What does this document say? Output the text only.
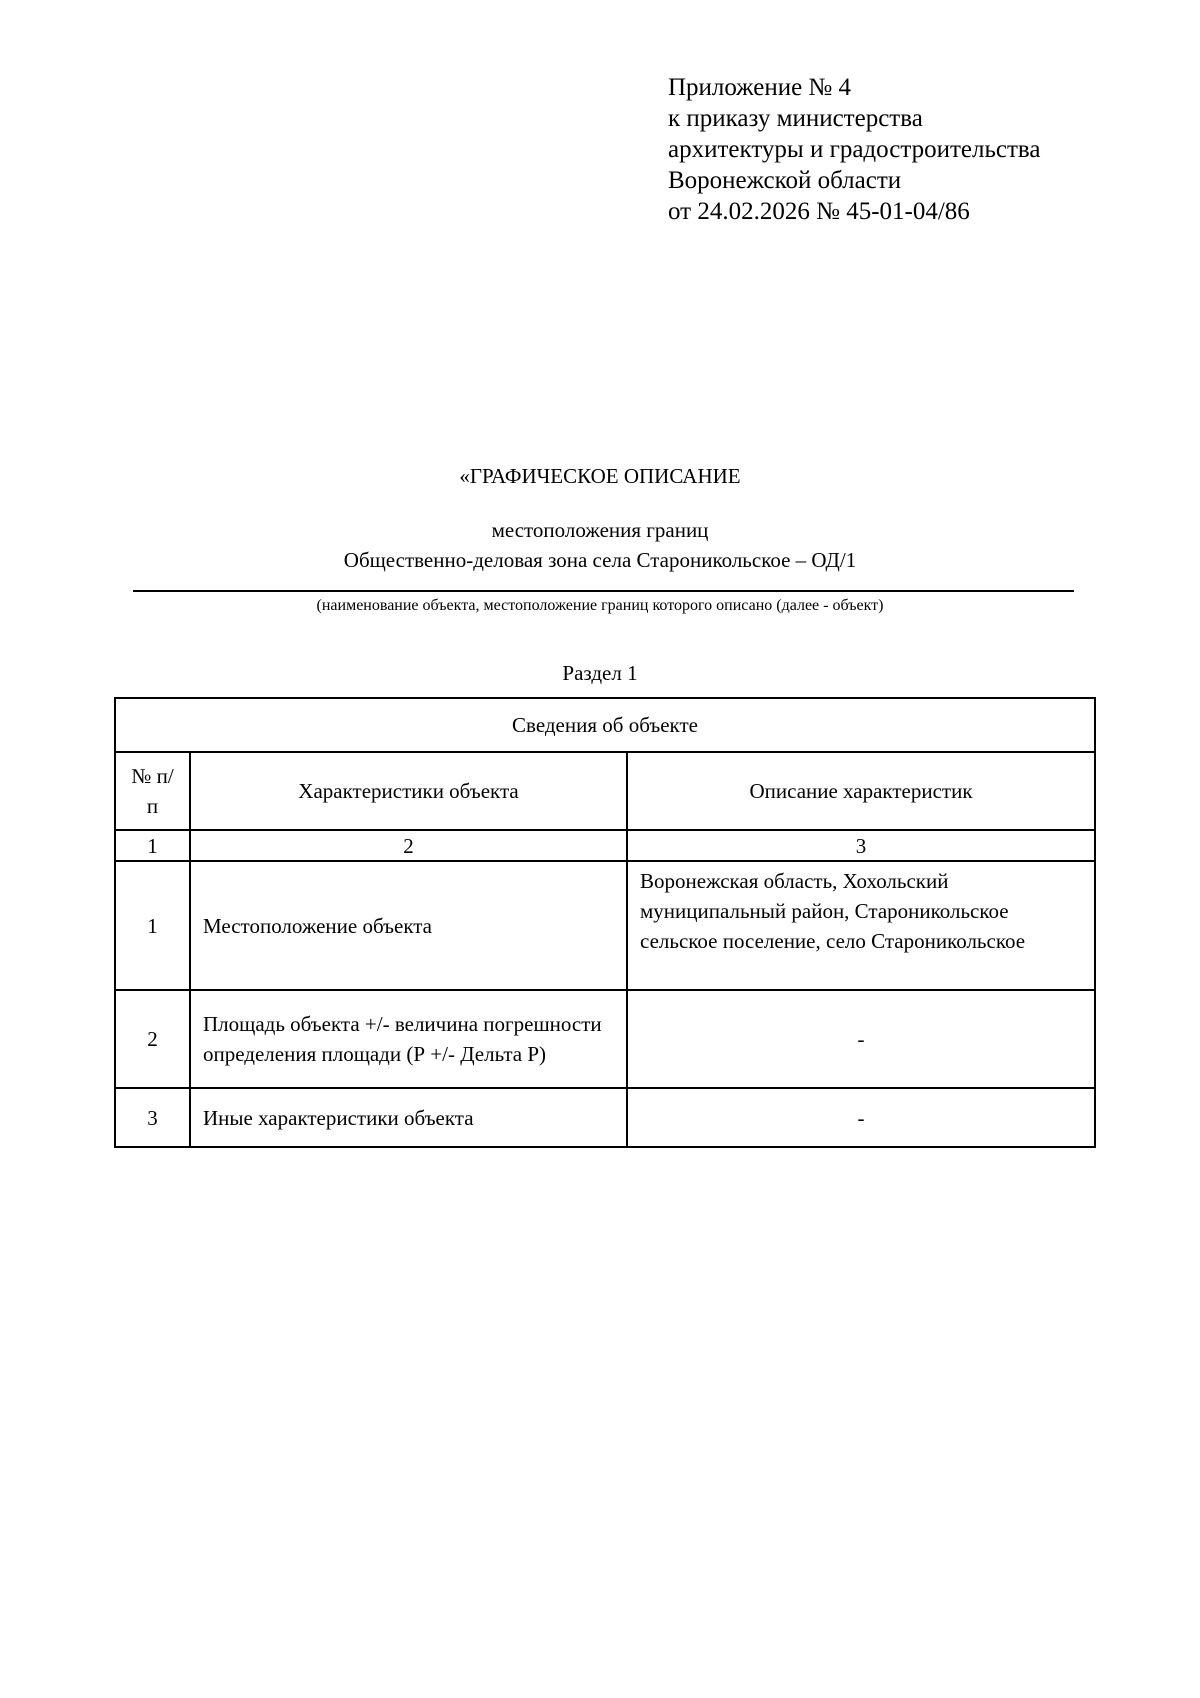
Приложение № 4
к приказу министерства
архитектуры и градостроительства
Воронежской области
от 24.02.2026 № 45-01-04/86
«ГРАФИЧЕСКОЕ ОПИСАНИЕ
местоположения границ
Общественно-деловая зона села Староникольское – ОД/1
(наименование объекта, местоположение границ которого описано (далее - объект)
Раздел 1
Сведения об объекте		
№ п/п	Характеристики объекта	Описание характеристик
1	2	3
1	Местоположение объекта	Воронежская область, Хохольский муниципальный район, Староникольское сельское поселение, село Староникольское
2	Площадь объекта +/- величина погрешности определения площади (Р +/- Дельта Р)	-
3	Иные характеристики объекта	-
